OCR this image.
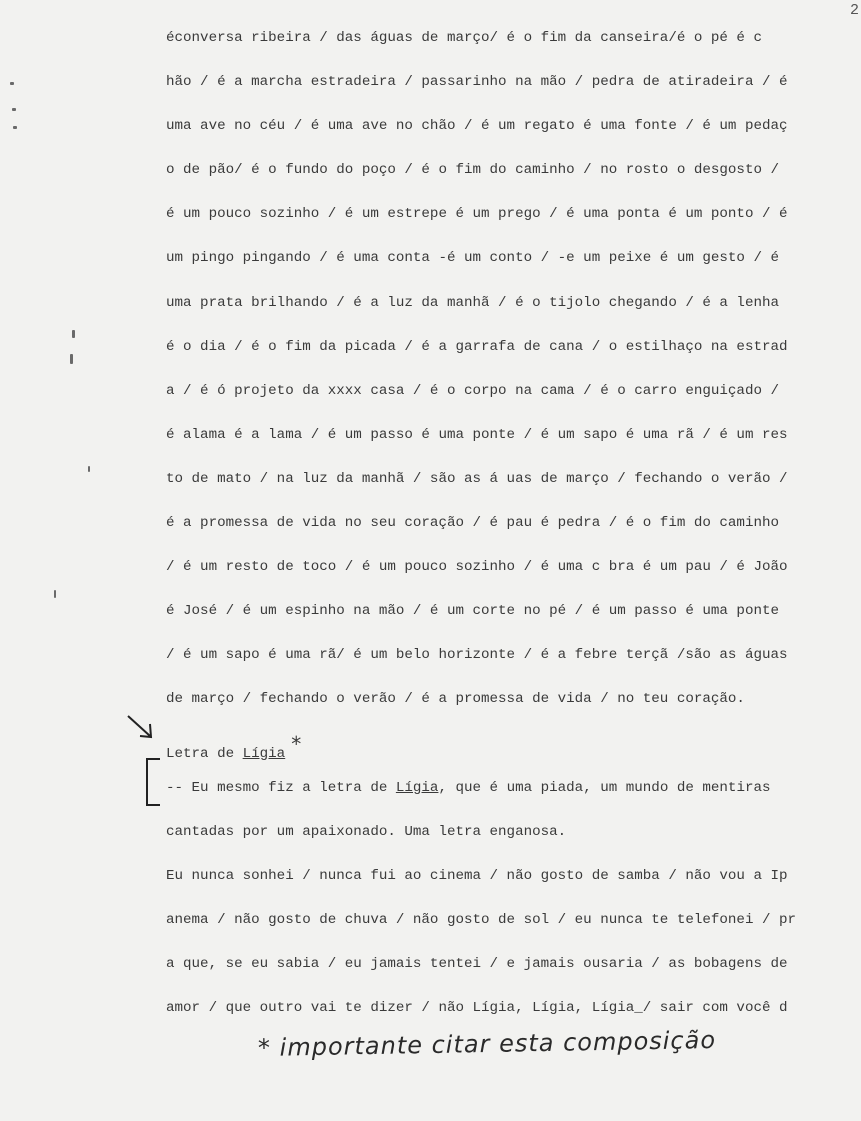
2
éconversa ribeira / das águas de março/ é o fim da canseira/é o pé é c
hão / é a marcha estradeira / passarinho na mão / pedra de atiradeira / é
uma ave no céu / é uma ave no chão / é um regato é uma fonte / é um pedaç
o de pão/ é o fundo do poço / é o fim do caminho / no rosto o desgosto /
é um pouco sozinho / é um estrepe é um prego / é uma ponta é um ponto / é
um pingo pingando / é uma conta -é um conto / -e um peixe é um gesto / é
uma prata brilhando / é a luz da manhã / é o tijolo chegando / é a lenha
é o dia / é o fim da picada / é a garrafa de cana / o estilhaço na estrad
a / é ó projeto da xxxx casa / é o corpo na cama / é o carro enguiçado /
é alama é a lama / é um passo é uma ponte / é um sapo é uma rã / é um res
to de mato / na luz da manhã / são as á uas de março / fechando o verão /
é a promessa de vida no seu coração / é pau é pedra / é o fim do caminho
/ é um resto de toco / é um pouco sozinho / é uma c bra é um pau / é João
é José / é um espinho na mão / é um corte no pé / é um passo é uma ponte
/ é um sapo é uma rã/ é um belo horizonte / é a febre terçã /são as águas
de março / fechando o verão / é a promessa de vida / no teu coração.
Letra de Lígia *
-- Eu mesmo fiz a letra de Lígia, que é uma piada, um mundo de mentiras
cantadas por um apaixonado. Uma letra enganosa.
Eu nunca sonhei / nunca fui ao cinema / não gosto de samba / não vou a Ip
anema / não gosto de chuva / não gosto de sol / eu nunca te telefonei / pr
a que, se eu sabia / eu jamais tentei / e jamais ousaria / as bobagens de
amor / que outro vai te dizer / não Lígia, Lígia, Lígia_/ sair com você d
* importante citar esta composição
